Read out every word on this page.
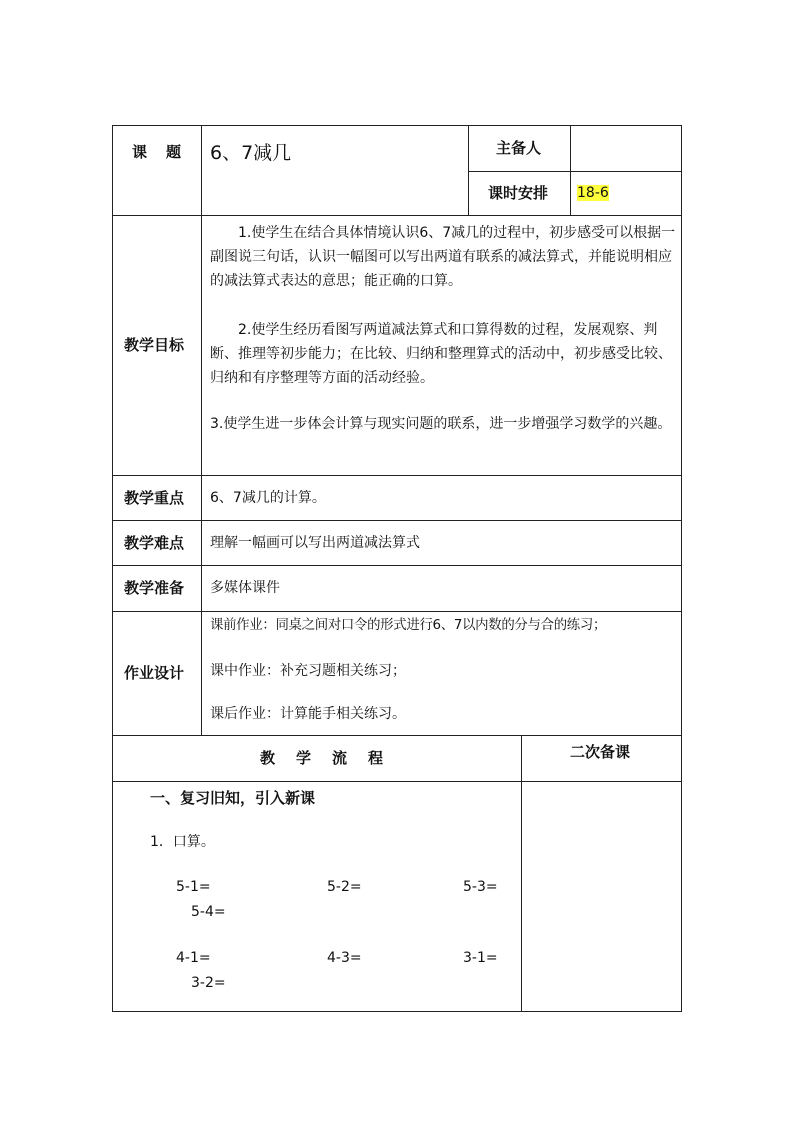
课　题 6、7减几	主备人
课时安排 18-6
教学目标
1.使学生在结合具体情境认识6、7减几的过程中，初步感受可以根据一副图说三句话，认识一幅图可以写出两道有联系的减法算式，并能说明相应的减法算式表达的意思；能正确的口算。
2.使学生经历看图写两道减法算式和口算得数的过程，发展观察、判断、推理等初步能力；在比较、归纳和整理算式的活动中，初步感受比较、归纳和有序整理等方面的活动经验。
3.使学生进一步体会计算与现实问题的联系，进一步增强学习数学的兴趣。
教学重点 6、7减几的计算。
教学难点 理解一幅画可以写出两道减法算式
教学准备 多媒体课件
作业设计
课前作业：同桌之间对口令的形式进行6、7以内数的分与合的练习；
课中作业：补充习题相关练习；
课后作业：计算能手相关练习。
教　学　流　程	二次备课
一、复习旧知，引入新课
1．口算。
5-1=	5-2=	5-3=
5-4=
4-1=	4-3=	3-1=
3-2=
